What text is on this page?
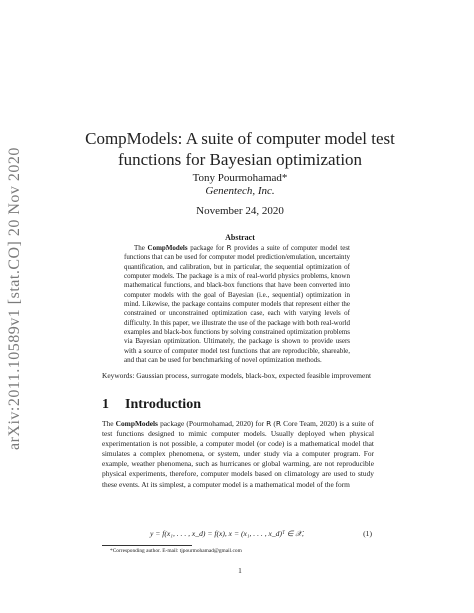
arXiv:2011.10589v1 [stat.CO] 20 Nov 2020
CompModels: A suite of computer model test
functions for Bayesian optimization
Tony Pourmohamad*
Genentech, Inc.
November 24, 2020
Abstract
The CompModels package for R provides a suite of computer model test functions that can be used for computer model prediction/emulation, uncertainty quantification, and calibration, but in particular, the sequential optimization of computer models. The package is a mix of real-world physics problems, known mathematical functions, and black-box functions that have been converted into computer models with the goal of Bayesian (i.e., sequential) optimization in mind. Likewise, the package contains computer models that represent either the constrained or unconstrained optimization case, each with varying levels of difficulty. In this paper, we illustrate the use of the package with both real-world examples and black-box functions by solving constrained optimization problems via Bayesian optimization. Ultimately, the package is shown to provide users with a source of computer model test functions that are reproducible, shareable, and that can be used for benchmarking of novel optimization methods.
Keywords: Gaussian process, surrogate models, black-box, expected feasible improvement
1 Introduction
The CompModels package (Pourmohamad, 2020) for R (R Core Team, 2020) is a suite of test functions designed to mimic computer models. Usually deployed when physical experimentation is not possible, a computer model (or code) is a mathematical model that simulates a complex phenomena, or system, under study via a computer program. For example, weather phenomena, such as hurricanes or global warming, are not reproducible physical experiments, therefore, computer models based on climatology are used to study these events. At its simplest, a computer model is a mathematical model of the form
y = f(x₁, . . . , x_d) = f(x), x = (x₁, . . . , x_d)ᵀ ∈ 𝒳,	(1)
*Corresponding author. E-mail: tjpourmohamad@gmail.com
1
